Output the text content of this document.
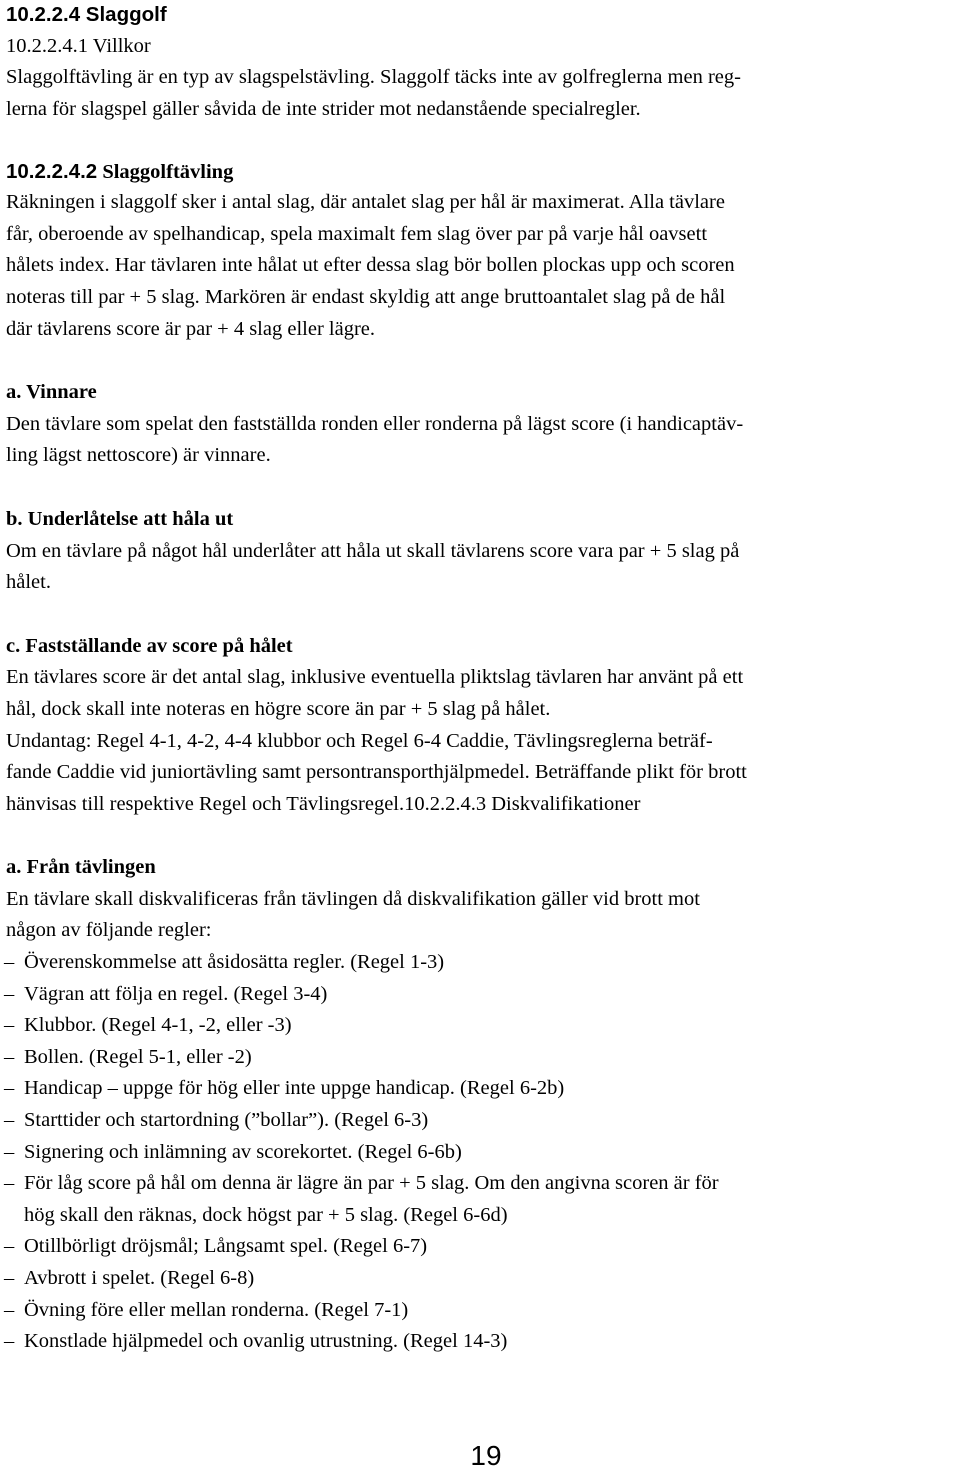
10.2.2.4 Slaggolf
10.2.2.4.1 Villkor

Slaggolftävling är en typ av slagspelstävling. Slaggolf täcks inte av golfreglerna men reg-

lerna för slagspel gäller såvida de inte strider mot nedanstående specialregler.

10.2.2.4.2 Slaggolftävling

Räkningen i slaggolf sker i antal slag, där antalet slag per hål är maximerat. Alla tävlare

får, oberoende av spelhandicap, spela maximalt fem slag över par på varje hål oavsett

hålets index. Har tävlaren inte hålat ut efter dessa slag bör bollen plockas upp och scoren

noteras till par + 5 slag. Markören är endast skyldig att ange bruttoantalet slag på de hål

där tävlarens score är par + 4 slag eller lägre.

a. Vinnare

Den tävlare som spelat den fastställda ronden eller ronderna på lägst score (i handicaptäv-

ling lägst nettoscore) är vinnare.

b. Underlåtelse att håla ut

Om en tävlare på något hål underlåter att håla ut skall tävlarens score vara par + 5 slag på

hålet.

c. Fastställande av score på hålet

En tävlares score är det antal slag, inklusive eventuella pliktslag tävlaren har använt på ett

hål, dock skall inte noteras en högre score än par + 5 slag på hålet.

Undantag: Regel 4-1, 4-2, 4-4 klubbor och Regel 6-4 Caddie, Tävlingsreglerna beträf-

fande Caddie vid juniortävling samt persontransporthjälpmedel. Beträffande plikt för brott

hänvisas till respektive Regel och Tävlingsregel.10.2.2.4.3 Diskvalifikationer

a. Från tävlingen

En tävlare skall diskvalificeras från tävlingen då diskvalifikation gäller vid brott mot

någon av följande regler:

– Överenskommelse att åsidosätta regler. (Regel 1-3)
– Vägran att följa en regel. (Regel 3-4)
– Klubbor. (Regel 4-1, -2, eller -3)
– Bollen. (Regel 5-1, eller -2)
– Handicap – uppge för hög eller inte uppge handicap. (Regel 6-2b)
– Starttider och startordning (”bollar”). (Regel 6-3)
– Signering och inlämning av scorekortet. (Regel 6-6b)
– För låg score på hål om denna är lägre än par + 5 slag. Om den angivna scoren är för
hög skall den räknas, dock högst par + 5 slag. (Regel 6-6d)
– Otillbörligt dröjsmål; Långsamt spel. (Regel 6-7)
– Avbrott i spelet. (Regel 6-8)
– Övning före eller mellan ronderna. (Regel 7-1)
– Konstlade hjälpmedel och ovanlig utrustning. (Regel 14-3)
19
